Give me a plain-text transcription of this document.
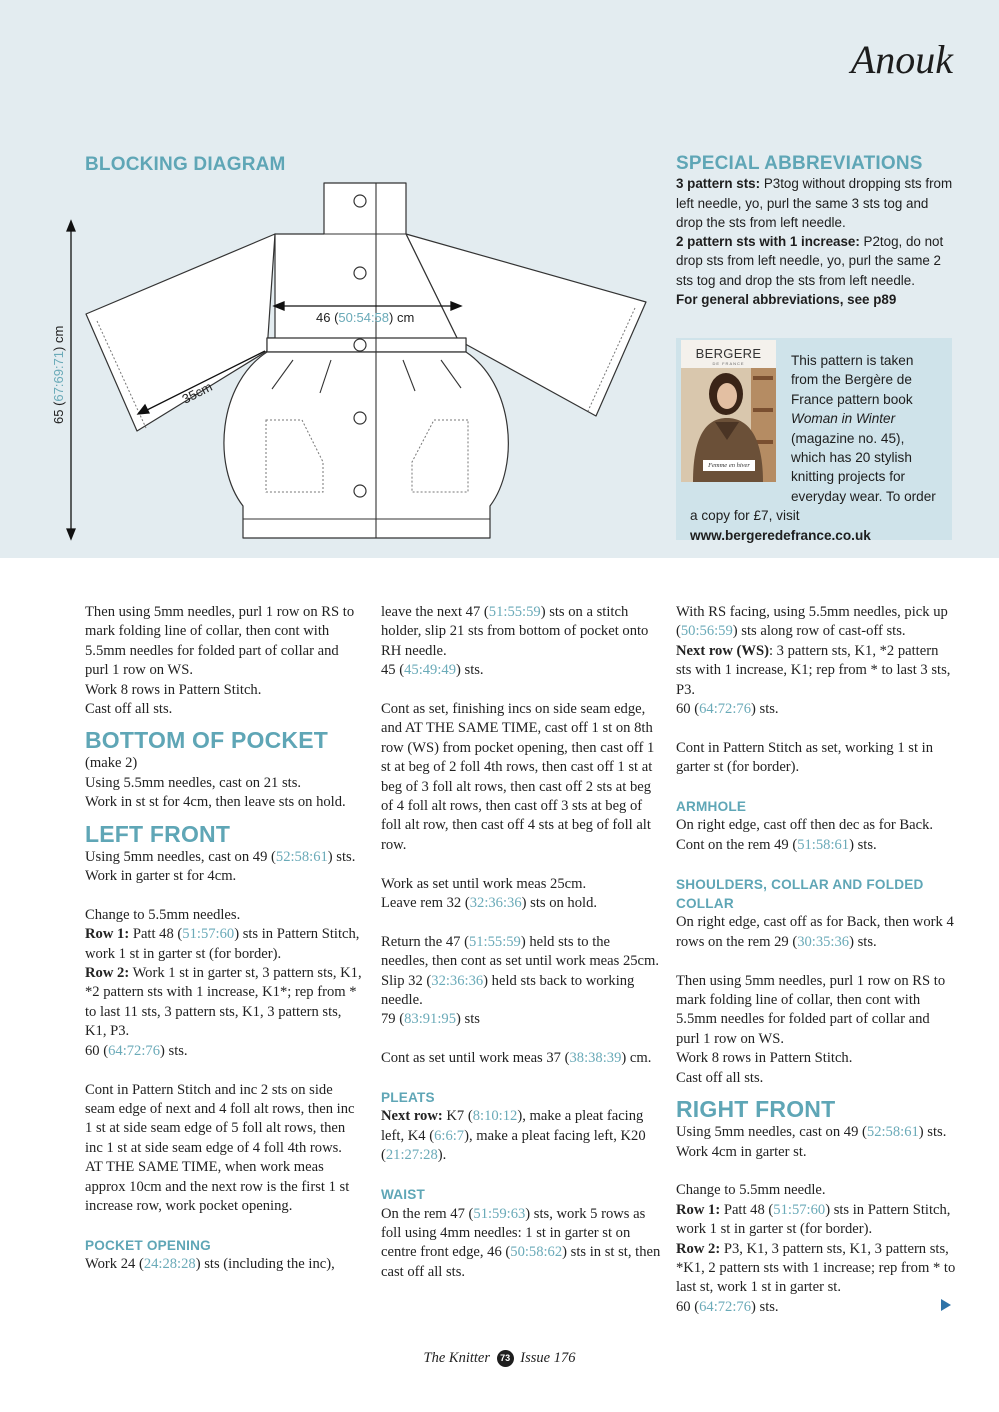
Anouk
BLOCKING DIAGRAM
46 (50:54:58) cm
35cm
65 (67:69:71) cm
SPECIAL ABBREVIATIONS

3 pattern sts: P3tog without dropping sts from left needle, yo, purl the same 3 sts tog and drop the sts from left needle.

2 pattern sts with 1 increase: P2tog, do not drop sts from left needle, yo, purl the same 2 sts tog and drop the sts from left needle.

For general abbreviations, see p89

BERGERE
DE FRANCE
Femme en hiver
This pattern is taken from the Bergère de France pattern book Woman in Winter (magazine no. 45), which has 20 stylish knitting projects for everyday wear. To order a copy for £7, visit www.bergeredefrance.co.uk

Then using 5mm needles, purl 1 row on RS to mark folding line of collar, then cont with 5.5mm needles for folded part of collar and purl 1 row on WS.

Work 8 rows in Pattern Stitch.

Cast off all sts.

BOTTOM OF POCKET

(make 2)

Using 5.5mm needles, cast on 21 sts.

Work in st st for 4cm, then leave sts on hold.

LEFT FRONT

Using 5mm needles, cast on 49 (52:58:61) sts.

Work in garter st for 4cm.

Change to 5.5mm needles.

Row 1: Patt 48 (51:57:60) sts in Pattern Stitch, work 1 st in garter st (for border).

Row 2: Work 1 st in garter st, 3 pattern sts, K1, *2 pattern sts with 1 increase, K1*; rep from * to last 11 sts, 3 pattern sts, K1, 3 pattern sts, K1, P3.

60 (64:72:76) sts.

Cont in Pattern Stitch and inc 2 sts on side seam edge of next and 4 foll alt rows, then inc 1 st at side seam edge of 5 foll alt rows, then inc 1 st at side seam edge of 4 foll 4th rows.

AT THE SAME TIME, when work meas approx 10cm and the next row is the first 1 st increase row, work pocket opening.

POCKET OPENING

Work 24 (24:28:28) sts (including the inc),

leave the next 47 (51:55:59) sts on a stitch holder, slip 21 sts from bottom of pocket onto RH needle.

45 (45:49:49) sts.

Cont as set, finishing incs on side seam edge, and AT THE SAME TIME, cast off 1 st on 8th row (WS) from pocket opening, then cast off 1 st at beg of 2 foll 4th rows, then cast off 1 st at beg of 3 foll alt rows, then cast off 2 sts at beg of 4 foll alt rows, then cast off 3 sts at beg of foll alt row, then cast off 4 sts at beg of foll alt row.

Work as set until work meas 25cm.

Leave rem 32 (32:36:36) sts on hold.

Return the 47 (51:55:59) held sts to the needles, then cont as set until work meas 25cm.

Slip 32 (32:36:36) held sts back to working needle.

79 (83:91:95) sts

Cont as set until work meas 37 (38:38:39) cm.

PLEATS

Next row: K7 (8:10:12), make a pleat facing left, K4 (6:6:7), make a pleat facing left, K20 (21:27:28).

WAIST

On the rem 47 (51:59:63) sts, work 5 rows as foll using 4mm needles: 1 st in garter st on centre front edge, 46 (50:58:62) sts in st st, then cast off all sts.

With RS facing, using 5.5mm needles, pick up (50:56:59) sts along row of cast-off sts.

Next row (WS): 3 pattern sts, K1, *2 pattern sts with 1 increase, K1; rep from * to last 3 sts, P3.

60 (64:72:76) sts.

Cont in Pattern Stitch as set, working 1 st in garter st (for border).

ARMHOLE

On right edge, cast off then dec as for Back.

Cont on the rem 49 (51:58:61) sts.

SHOULDERS, COLLAR AND FOLDED COLLAR

On right edge, cast off as for Back, then work 4 rows on the rem 29 (30:35:36) sts.

Then using 5mm needles, purl 1 row on RS to mark folding line of collar, then cont with 5.5mm needles for folded part of collar and purl 1 row on WS.

Work 8 rows in Pattern Stitch.

Cast off all sts.

RIGHT FRONT

Using 5mm needles, cast on 49 (52:58:61) sts.

Work 4cm in garter st.

Change to 5.5mm needle.

Row 1: Patt 48 (51:57:60) sts in Pattern Stitch, work 1 st in garter st (for border).

Row 2: P3, K1, 3 pattern sts, K1, 3 pattern sts, *K1, 2 pattern sts with 1 increase; rep from * to last st, work 1 st in garter st.

60 (64:72:76) sts.

The Knitter 73 Issue 176
